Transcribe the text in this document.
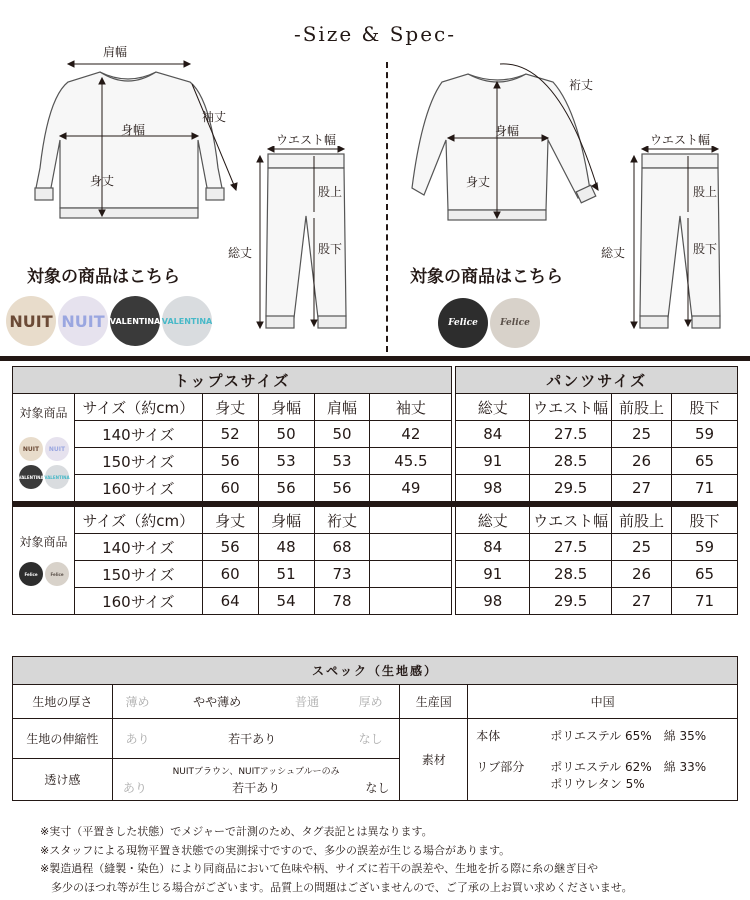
-Size & Spec-
肩幅
袖丈
身幅
身丈
ウエスト幅
股上
股下
総丈
対象の商品はこちら
NUIT NUIT VALENTINA VALENTINA
裄丈
身幅
身丈
ウエスト幅
股上
股下
総丈
対象の商品はこちら
Felice	Felice
トップスサイズ							パンツサイズ			

対象商品
NUIT NUIT
VALENTINA VALENTINA	サイズ（約cm）	身丈	身幅	肩幅	袖丈		総丈	ウエスト幅	前股上	股下
	140サイズ	52	50	50	42		84	27.5	25	59
	150サイズ	56	53	53	45.5		91	28.5	26	65
	160サイズ	60	56	56	49		98	29.5	27	71

対象商品
Felice Felice	サイズ（約cm）	身丈	身幅	裄丈			総丈	ウエスト幅	前股上	股下
	140サイズ	56	48	68			84	27.5	25	59
	150サイズ	60	51	73			91	28.5	26	65
	160サイズ	64	54	78			98	29.5	27	71
スペック（生地感）						
生地の厚さ	薄め	やや薄め	普通	厚め	生産国	中国
生地の伸縮性	あり	若干あり		なし	素材	本体 ポリエステル 65%　綿 35%
リブ部分 ポリエステル 62%　綿 33%
ポリウレタン 5%

透け感	NUITブラウン、NUITアッシュブルーのみ
あり 若干あり なし					
※実寸（平置きした状態）でメジャーで計測のため、タグ表記とは異なります。
※スタッフによる現物平置き状態での実測採寸ですので、多少の誤差が生じる場合があります。
※製造過程（縫製・染色）により同商品において色味や柄、サイズに若干の誤差や、生地を折る際に糸の継ぎ目や
　多少のほつれ等が生じる場合がございます。品質上の問題はございませんので、ご了承の上お買い求めくださいませ。
